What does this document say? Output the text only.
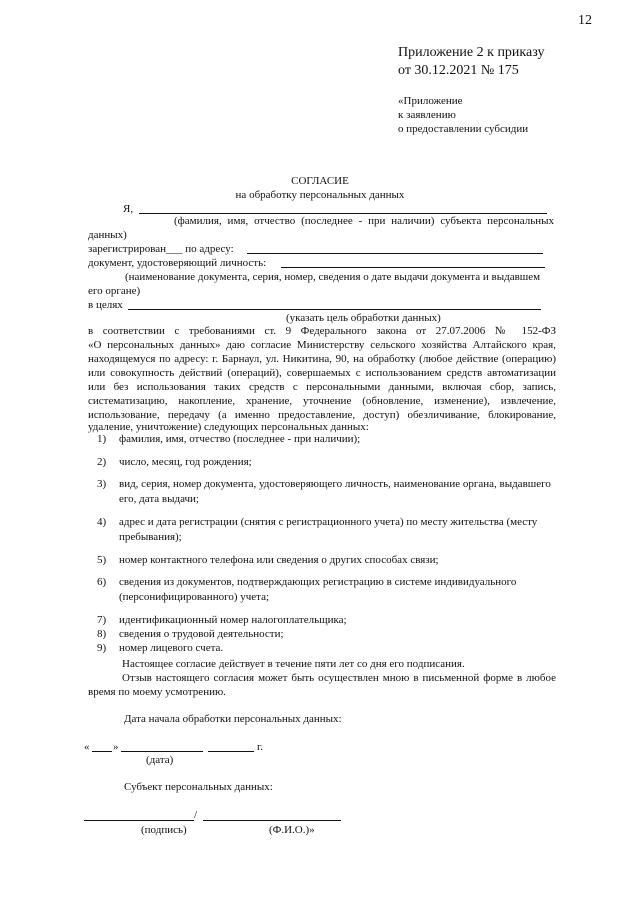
12
Приложение 2 к приказу
от 30.12.2021 № 175
«Приложение
к заявлению
о предоставлении субсидии
СОГЛАСИЕ
на обработку персональных данных
Я,
(фамилия, имя, отчество (последнее - при наличии) субъекта персональных
данных)
зарегистрирован___ по адресу:
документ, удостоверяющий личность:
(наименование документа, серия, номер, сведения о дате выдачи документа и выдавшем
его органе)
в целях
(указать цель обработки данных)
в соответствии с требованиями ст. 9 Федерального закона от 27.07.2006 № 152-ФЗ
«О персональных данных» даю согласие Министерству сельского хозяйства Алтайского края,
находящемуся по адресу: г. Барнаул, ул. Никитина, 90, на обработку (любое действие (операцию)
или совокупность действий (операций), совершаемых с использованием средств автоматизации
или без использования таких средств с персональными данными, включая сбор, запись,
систематизацию, накопление, хранение, уточнение (обновление, изменение), извлечение,
использование, передачу (а именно предоставление, доступ) обезличивание, блокирование,
удаление, уничтожение) следующих персональных данных:
1) фамилия, имя, отчество (последнее - при наличии);
2) число, месяц, год рождения;
3) вид, серия, номер документа, удостоверяющего личность, наименование органа, выдавшего его, дата выдачи;
4) адрес и дата регистрации (снятия с регистрационного учета) по месту жительства (месту пребывания);
5) номер контактного телефона или сведения о других способах связи;
6) сведения из документов, подтверждающих регистрацию в системе индивидуального (персонифицированного) учета;
7) идентификационный номер налогоплательщика;
8) сведения о трудовой деятельности;
9) номер лицевого счета.
Настоящее согласие действует в течение пяти лет со дня его подписания.
Отзыв настоящего согласия может быть осуществлен мною в письменной форме в любое
время по моему усмотрению.
Дата начала обработки персональных данных:
« »	г.
(дата)
Субъект персональных данных:
/
(подпись)	(Ф.И.О.)»
